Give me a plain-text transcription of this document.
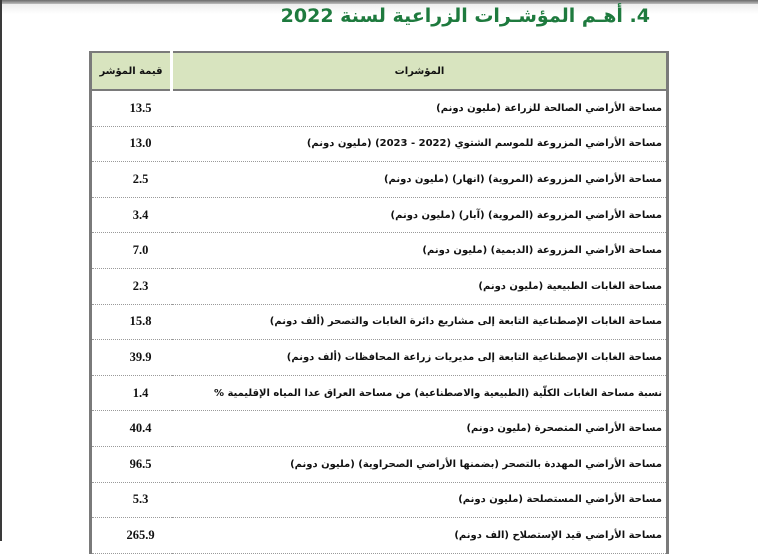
4. أهـم المؤشـرات الزراعية لسنة 2022
المؤشرات	قيمة المؤشر
مساحة الأراضي الصالحة للزراعة (مليون دونم)	13.5
مساحة الأراضي المزروعة للموسم الشتوي (2022 - 2023) (مليون دونم)	13.0
مساحة الأراضي المزروعة (المروية) (انهار) (مليون دونم)	2.5
مساحة الأراضي المزروعة (المروية) (آبار) (مليون دونم)	3.4
مساحة الأراضي المزروعة (الديمية) (مليون دونم)	7.0
مساحة الغابات الطبيعية (مليون دونم)	2.3
مساحة الغابات الإصطناعية التابعة إلى مشاريع دائرة الغابات والتصحر (ألف دونم)	15.8
مساحة الغابات الإصطناعية التابعة إلى مديريات زراعة المحافظات (ألف دونم)	39.9
نسبة مساحة الغابات الكلّية (الطبيعية والاصطناعية) من مساحة العراق عدا المياه الإقليمية %	1.4
مساحة الأراضي المتصحرة (مليون دونم)	40.4
مساحة الأراضي المهددة بالتصحر (بضمنها الأراضي الصحراوية) (مليون دونم)	96.5
مساحة الأراضي المستصلحة (مليون دونم)	5.3
مساحة الأراضي قيد الإستصلاح (الف دونم)	265.9
